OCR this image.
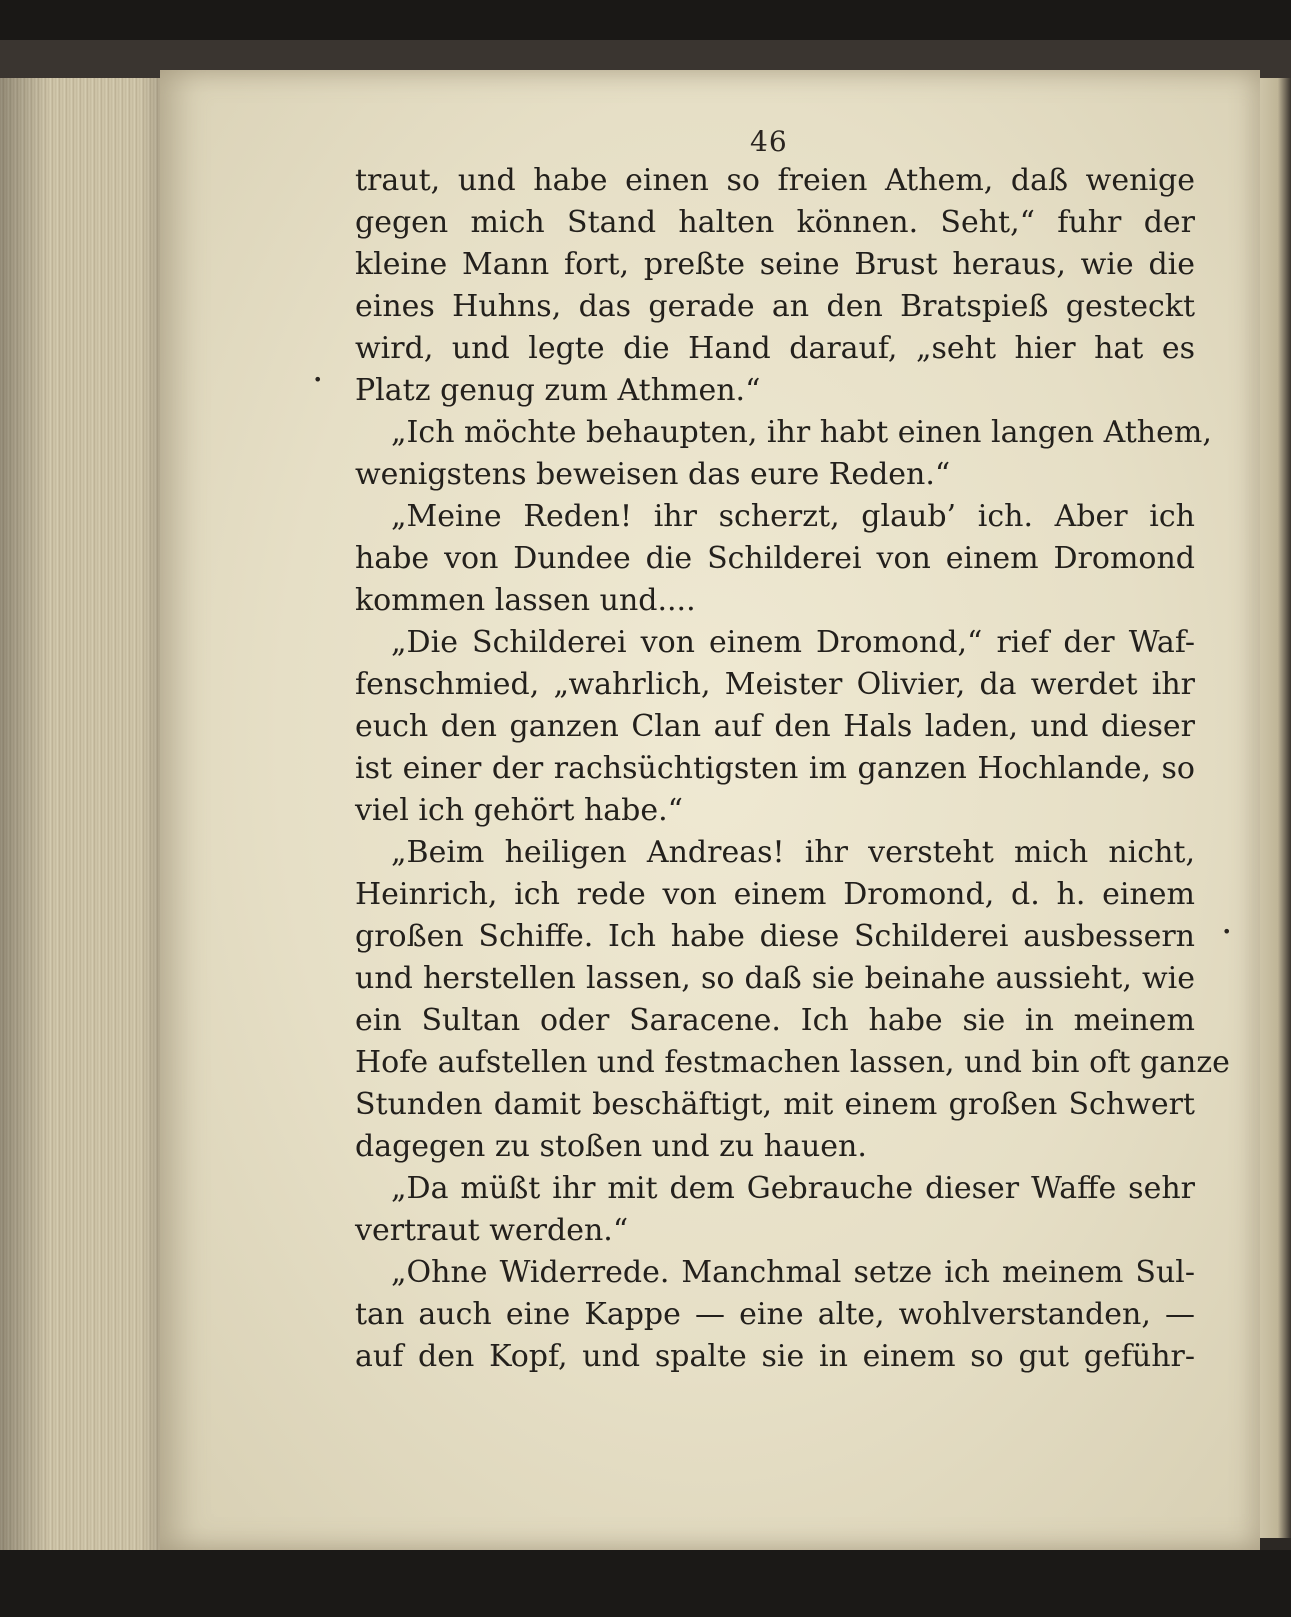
46
traut, und habe einen so freien Athem, daß wenige
gegen mich Stand halten können. Seht,“ fuhr der
kleine Mann fort, preßte seine Brust heraus, wie die
eines Huhns, das gerade an den Bratspieß gesteckt
wird, und legte die Hand darauf, „seht hier hat es
Platz genug zum Athmen.“
„Ich möchte behaupten, ihr habt einen langen Athem,
wenigstens beweisen das eure Reden.“
„Meine Reden! ihr scherzt, glaub’ ich. Aber ich
habe von Dundee die Schilderei von einem Dromond
kommen lassen und....
„Die Schilderei von einem Dromond,“ rief der Waf-
fenschmied, „wahrlich, Meister Olivier, da werdet ihr
euch den ganzen Clan auf den Hals laden, und dieser
ist einer der rachsüchtigsten im ganzen Hochlande, so
viel ich gehört habe.“
„Beim heiligen Andreas! ihr versteht mich nicht,
Heinrich, ich rede von einem Dromond, d. h. einem
großen Schiffe. Ich habe diese Schilderei ausbessern
und herstellen lassen, so daß sie beinahe aussieht, wie
ein Sultan oder Saracene. Ich habe sie in meinem
Hofe aufstellen und festmachen lassen, und bin oft ganze
Stunden damit beschäftigt, mit einem großen Schwert
dagegen zu stoßen und zu hauen.
„Da müßt ihr mit dem Gebrauche dieser Waffe sehr
vertraut werden.“
„Ohne Widerrede. Manchmal setze ich meinem Sul-
tan auch eine Kappe — eine alte, wohlverstanden, —
auf den Kopf, und spalte sie in einem so gut geführ-
•
•
